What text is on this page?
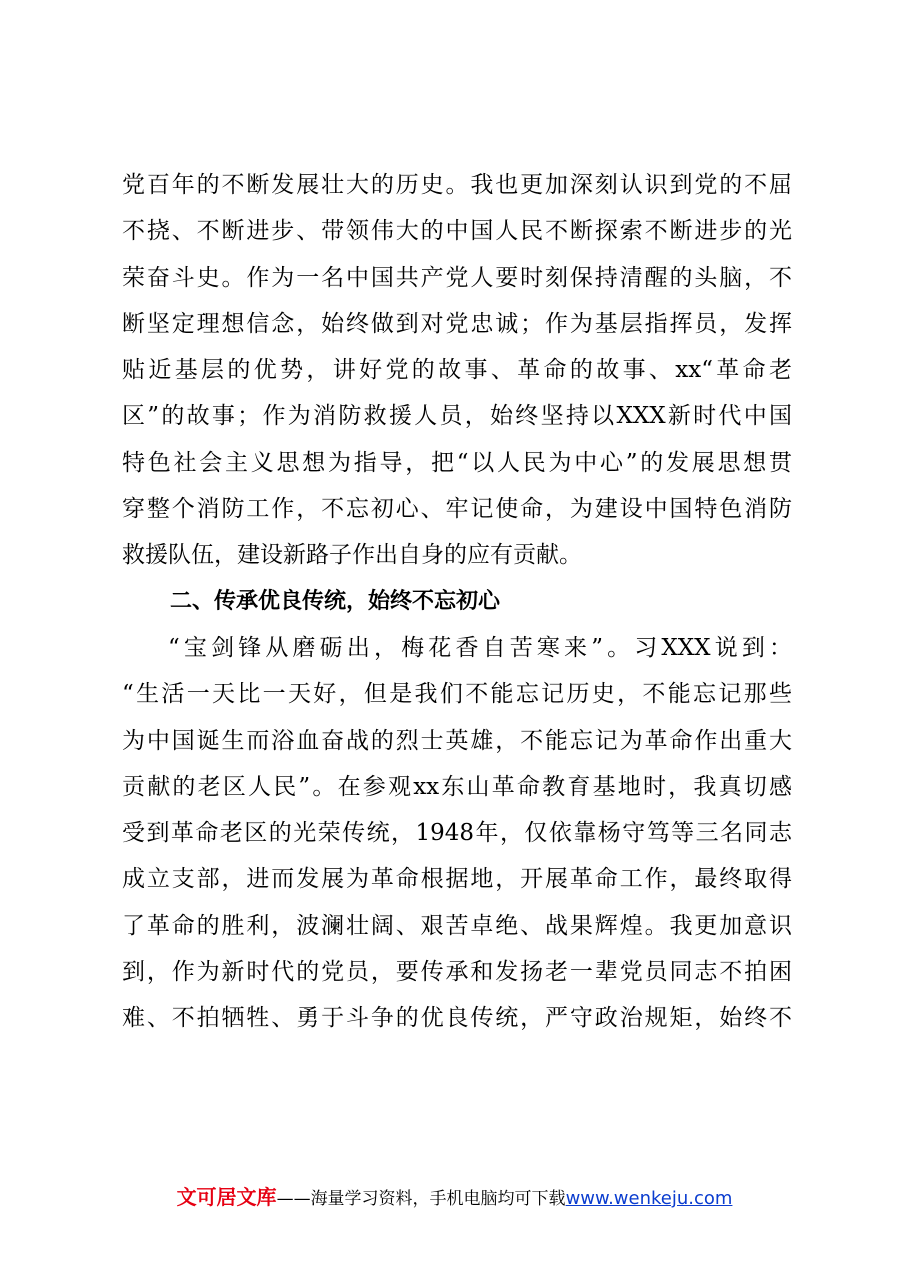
党百年的不断发展壮大的历史。我也更加深刻认识到党的不屈
不挠、不断进步、带领伟大的中国人民不断探索不断进步的光
荣奋斗史。作为一名中国共产党人要时刻保持清醒的头脑，不
断坚定理想信念，始终做到对党忠诚；作为基层指挥员，发挥
贴近基层的优势，讲好党的故事、革命的故事、xx“革命老
区”的故事；作为消防救援人员，始终坚持以XXX新时代中国
特色社会主义思想为指导，把“以人民为中心”的发展思想贯
穿整个消防工作，不忘初心、牢记使命，为建设中国特色消防
救援队伍，建设新路子作出自身的应有贡献。
二、传承优良传统，始终不忘初心
“宝剑锋从磨砺出，梅花香自苦寒来”。习XXX说到：
“生活一天比一天好，但是我们不能忘记历史，不能忘记那些
为中国诞生而浴血奋战的烈士英雄，不能忘记为革命作出重大
贡献的老区人民”。在参观xx东山革命教育基地时，我真切感
受到革命老区的光荣传统，1948年，仅依靠杨守笃等三名同志
成立支部，进而发展为革命根据地，开展革命工作，最终取得
了革命的胜利，波澜壮阔、艰苦卓绝、战果辉煌。我更加意识
到，作为新时代的党员，要传承和发扬老一辈党员同志不拍困
难、不拍牺牲、勇于斗争的优良传统，严守政治规矩，始终不
文可居文库——海量学习资料，手机电脑均可下载www.wenkeju.com
